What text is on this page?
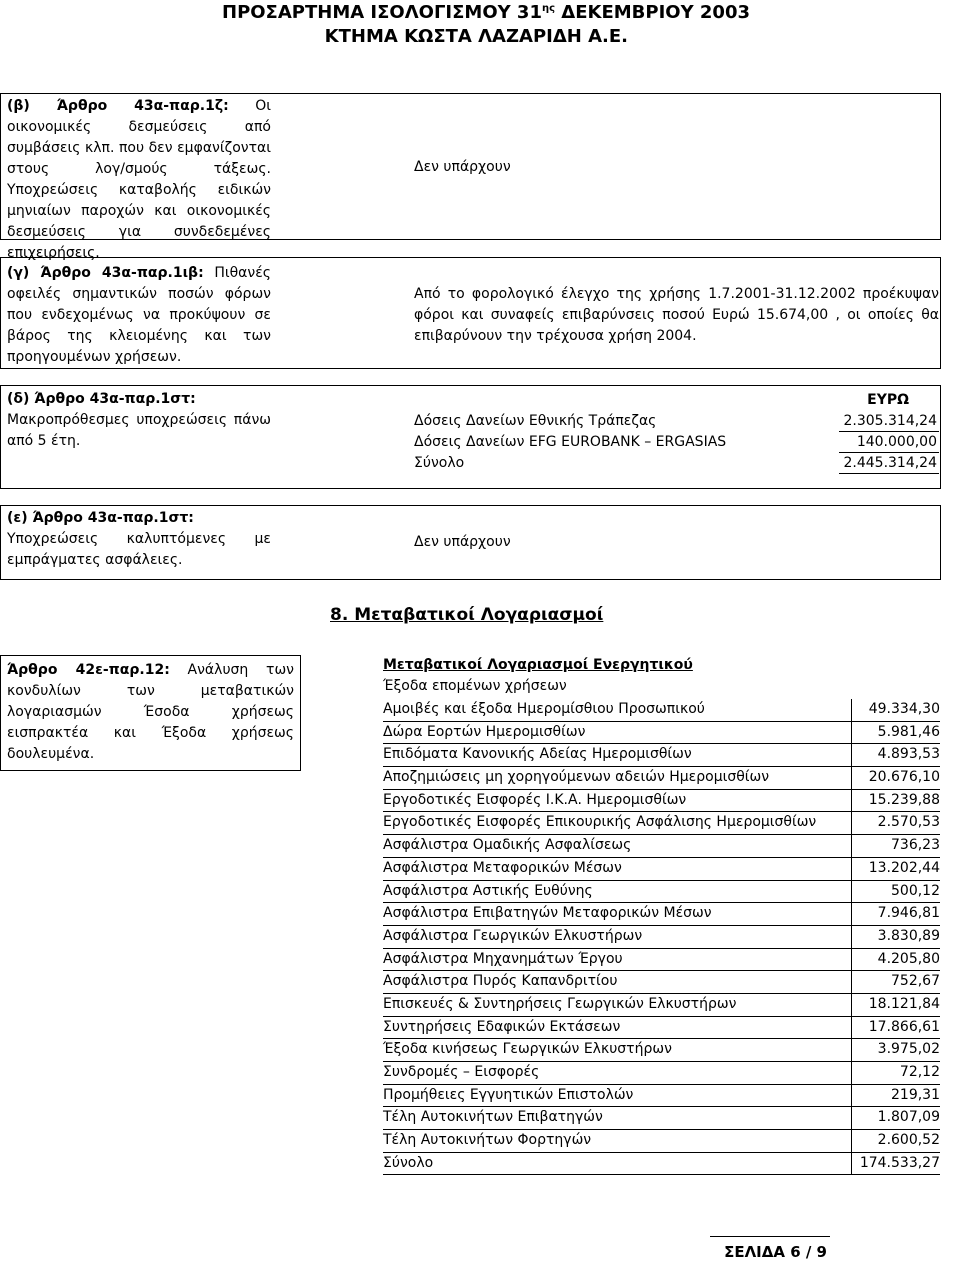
ΠΡΟΣΑΡΤΗΜΑ ΙΣΟΛΟΓΙΣΜΟΥ $31^{\eta\varsigma}$ ΔΕΚΕΜΒΡΙΟΥ 2003
ΚΤΗΜΑ ΚΩΣΤΑ ΛΑΖΑΡΙΔΗ Α.Ε.
(β) Άρθρο 43α-παρ.1ζ: Οι οικονομικές δεσμεύσεις από συμβάσεις κλπ. που δεν εμφανίζονται στους λογ/σμούς τάξεως. Υποχρεώσεις καταβολής ειδικών μηνιαίων παροχών και οικονομικές δεσμεύσεις για συνδεδεμένες επιχειρήσεις.
Δεν υπάρχουν
(γ) Άρθρο 43α-παρ.1ιβ: Πιθανές οφειλές σημαντικών ποσών φόρων που ενδεχομένως να προκύψουν σε βάρος της κλειομένης και των προηγουμένων χρήσεων.
Από το φορολογικό έλεγχο της χρήσης 1.7.2001-31.12.2002 προέκυψαν φόροι και συναφείς επιβαρύνσεις ποσού Ευρώ 15.674,00 , οι οποίες θα επιβαρύνουν την τρέχουσα χρήση 2004.
(δ) Άρθρο 43α-παρ.1στ:
Μακροπρόθεσμες υποχρεώσεις πάνω από 5 έτη.
ΕΥΡΩ
Δόσεις Δανείων Εθνικής Τράπεζας	2.305.314,24
Δόσεις Δανείων EFG EUROBANK – ERGASIAS	140.000,00
Σύνολο	2.445.314,24
(ε) Άρθρο 43α-παρ.1στ:
Υποχρεώσεις καλυπτόμενες με εμπράγματες ασφάλειες.
Δεν υπάρχουν
8. Μεταβατικοί Λογαριασμοί
Άρθρο 42ε-παρ.12: Ανάλυση των κονδυλίων των μεταβατικών λογαριασμών Έσοδα χρήσεως εισπρακτέα και Έξοδα χρήσεως δουλευμένα.
Μεταβατικοί Λογαριασμοί Ενεργητικού
Έξοδα επομένων χρήσεων
Αμοιβές και έξοδα Ημερομίσθιου Προσωπικού	49.334,30
Δώρα Εορτών Ημερομισθίων	5.981,46
Επιδόματα Κανονικής Αδείας Ημερομισθίων	4.893,53
Αποζημιώσεις μη χορηγούμενων αδειών Ημερομισθίων	20.676,10
Εργοδοτικές Εισφορές Ι.Κ.Α. Ημερομισθίων	15.239,88
Εργοδοτικές Εισφορές Επικουρικής Ασφάλισης Ημερομισθίων	2.570,53
Ασφάλιστρα Ομαδικής Ασφαλίσεως	736,23
Ασφάλιστρα Μεταφορικών Μέσων	13.202,44
Ασφάλιστρα Αστικής Ευθύνης	500,12
Ασφάλιστρα Επιβατηγών Μεταφορικών Μέσων	7.946,81
Ασφάλιστρα Γεωργικών Ελκυστήρων	3.830,89
Ασφάλιστρα Μηχανημάτων Έργου	4.205,80
Ασφάλιστρα Πυρός Καπανδριτίου	752,67
Επισκευές & Συντηρήσεις Γεωργικών Ελκυστήρων	18.121,84
Συντηρήσεις Εδαφικών Εκτάσεων	17.866,61
Έξοδα κινήσεως Γεωργικών Ελκυστήρων	3.975,02
Συνδρομές – Εισφορές	72,12
Προμήθειες Εγγυητικών Επιστολών	219,31
Τέλη Αυτοκινήτων Επιβατηγών	1.807,09
Τέλη Αυτοκινήτων Φορτηγών	2.600,52
Σύνολο	174.533,27
ΣΕΛΙΔΑ 6 / 9
